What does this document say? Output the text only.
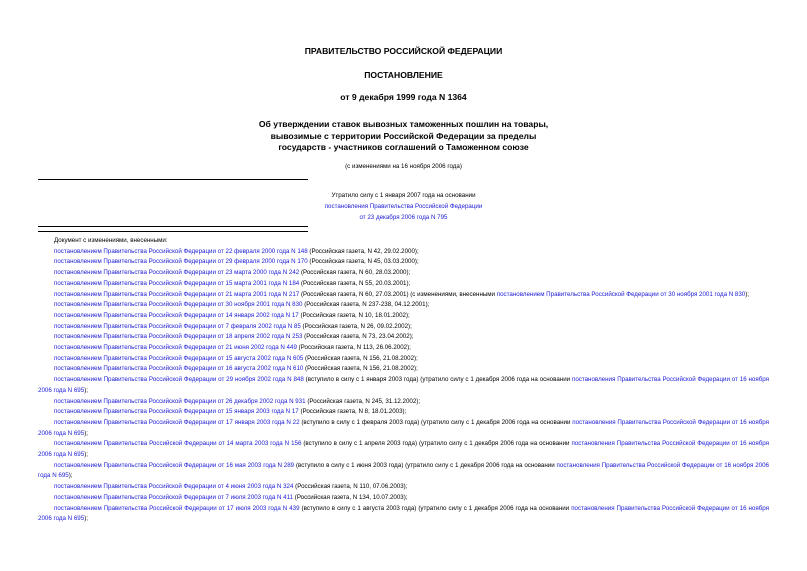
ПРАВИТЕЛЬСТВО РОССИЙСКОЙ ФЕДЕРАЦИИ
ПОСТАНОВЛЕНИЕ
от 9 декабря 1999 года N 1364
Об утверждении ставок вывозных таможенных пошлин на товары,
вывозимые с территории Российской Федерации за пределы
государств - участников соглашений о Таможенном союзе
(с изменениями на 16 ноября 2006 года)
Утратило силу с 1 января 2007 года на основании
постановления Правительства Российской Федерации
от 23 декабря 2006 года N 795
Документ с изменениями, внесенными:
постановлением Правительства Российской Федерации от 22 февраля 2000 года N 148 (Российская газета, N 42, 29.02.2000);
постановлением Правительства Российской Федерации от 29 февраля 2000 года N 170 (Российская газета, N 45, 03.03.2000);
постановлением Правительства Российской Федерации от 23 марта 2000 года N 242 (Российская газета, N 60, 28.03.2000);
постановлением Правительства Российской Федерации от 15 марта 2001 года N 184 (Российская газета, N 55, 20.03.2001);
постановлением Правительства Российской Федерации от 21 марта 2001 года N 217 (Российская газета, N 60, 27.03.2001) (с изменениями, внесенными постановлением Правительства Российской Федерации от 30 ноября 2001 года N 830);
постановлением Правительства Российской Федерации от 30 ноября 2001 года N 830 (Российская газета, N 237-238, 04.12.2001);
постановлением Правительства Российской Федерации от 14 января 2002 года N 17 (Российская газета, N 10, 18.01.2002);
постановлением Правительства Российской Федерации от 7 февраля 2002 года N 85 (Российская газета, N 26, 09.02.2002);
постановлением Правительства Российской Федерации от 18 апреля 2002 года N 253 (Российская газета, N 73, 23.04.2002);
постановлением Правительства Российской Федерации от 21 июня 2002 года N 449 (Российская газета, N 113, 26.06.2002);
постановлением Правительства Российской Федерации от 15 августа 2002 года N 605 (Российская газета, N 156, 21.08.2002);
постановлением Правительства Российской Федерации от 16 августа 2002 года N 610 (Российская газета, N 156, 21.08.2002);
постановлением Правительства Российской Федерации от 29 ноября 2002 года N 848 (вступило в силу с 1 января 2003 года) (утратило силу с 1 декабря 2006 года на основании постановления Правительства Российской Федерации от 16 ноября 2006 года N 695);
постановлением Правительства Российской Федерации от 26 декабря 2002 года N 931 (Российская газета, N 245, 31.12.2002);
постановлением Правительства Российской Федерации от 15 января 2003 года N 17 (Российская газета, N 8, 18.01.2003);
постановлением Правительства Российской Федерации от 17 января 2003 года N 22 (вступило в силу с 1 февраля 2003 года) (утратило силу с 1 декабря 2006 года на основании постановления Правительства Российской Федерации от 16 ноября 2006 года N 695);
постановлением Правительства Российской Федерации от 14 марта 2003 года N 156 (вступило в силу с 1 апреля 2003 года) (утратило силу с 1 декабря 2006 года на основании постановления Правительства Российской Федерации от 16 ноября 2006 года N 695);
постановлением Правительства Российской Федерации от 16 мая 2003 года N 289 (вступило в силу с 1 июня 2003 года) (утратило силу с 1 декабря 2006 года на основании постановления Правительства Российской Федерации от 16 ноября 2006 года N 695);
постановлением Правительства Российской Федерации от 4 июня 2003 года N 324 (Российская газета, N 110, 07.06.2003);
постановлением Правительства Российской Федерации от 7 июля 2003 года N 411 (Российская газета, N 134, 10.07.2003);
постановлением Правительства Российской Федерации от 17 июля 2003 года N 439 (вступило в силу с 1 августа 2003 года) (утратило силу с 1 декабря 2006 года на основании постановления Правительства Российской Федерации от 16 ноября 2006 года N 695);
